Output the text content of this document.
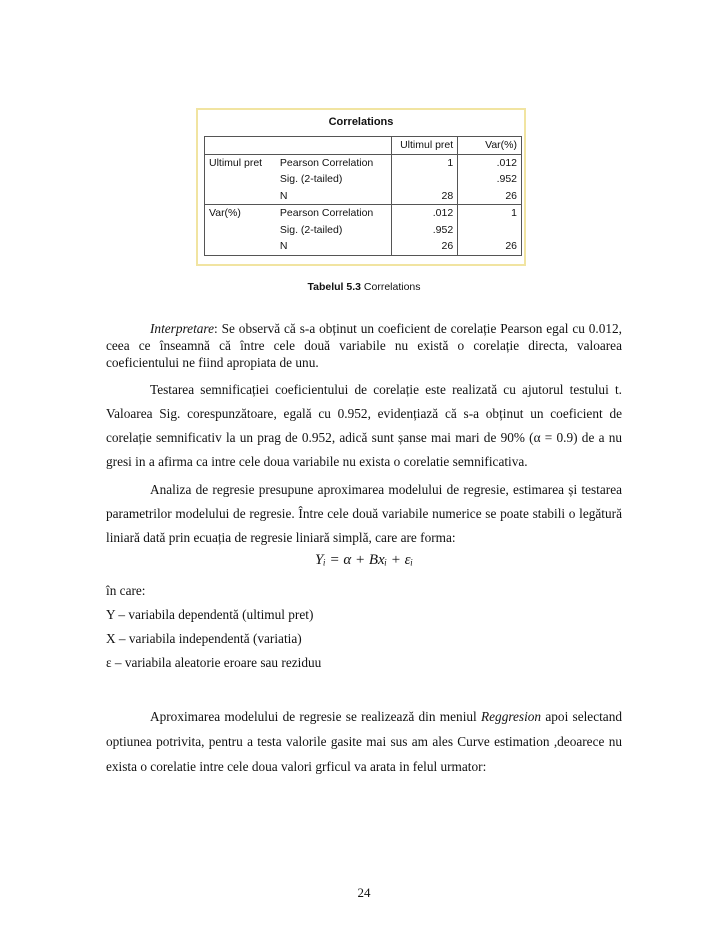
Correlations
		Ultimul pret	Var(%)
Ultimul pret	Pearson Correlation	1	.012
	Sig. (2-tailed)		.952
	N	28	26
Var(%)	Pearson Correlation	.012	1
	Sig. (2-tailed)	.952	
	N	26	26
Tabelul 5.3 Correlations

Interpretare: Se observă că s-a obținut un coeficient de corelație Pearson egal cu 0.012, ceea ce înseamnă că între cele două variabile nu există o corelație directa, valoarea coeficientului ne fiind apropiata de unu.

Testarea semnificației coeficientului de corelație este realizată cu ajutorul testului t. Valoarea Sig. corespunzătoare, egală cu 0.952, evidențiază că s-a obținut un coeficient de corelație semnificativ la un prag de 0.952, adică sunt șanse mai mari de 90% (α = 0.9) de a nu gresi in a afirma ca intre cele doua variabile nu exista o corelatie semnificativa.

Analiza de regresie presupune aproximarea modelului de regresie, estimarea și testarea parametrilor modelului de regresie. Între cele două variabile numerice se poate stabili o legătură liniară dată prin ecuația de regresie liniară simplă, care are forma:

Yᵢ = α + Bxᵢ + εᵢ
în care:
Y – variabila dependentă (ultimul pret)
X – variabila independentă (variatia)
ε – variabila aleatorie eroare sau reziduu

Aproximarea modelului de regresie se realizează din meniul Reggresion apoi selectand optiunea potrivita, pentru a testa valorile gasite mai sus am ales Curve estimation ,deoarece nu exista o corelatie intre cele doua valori grficul va arata in felul urmator:

24
